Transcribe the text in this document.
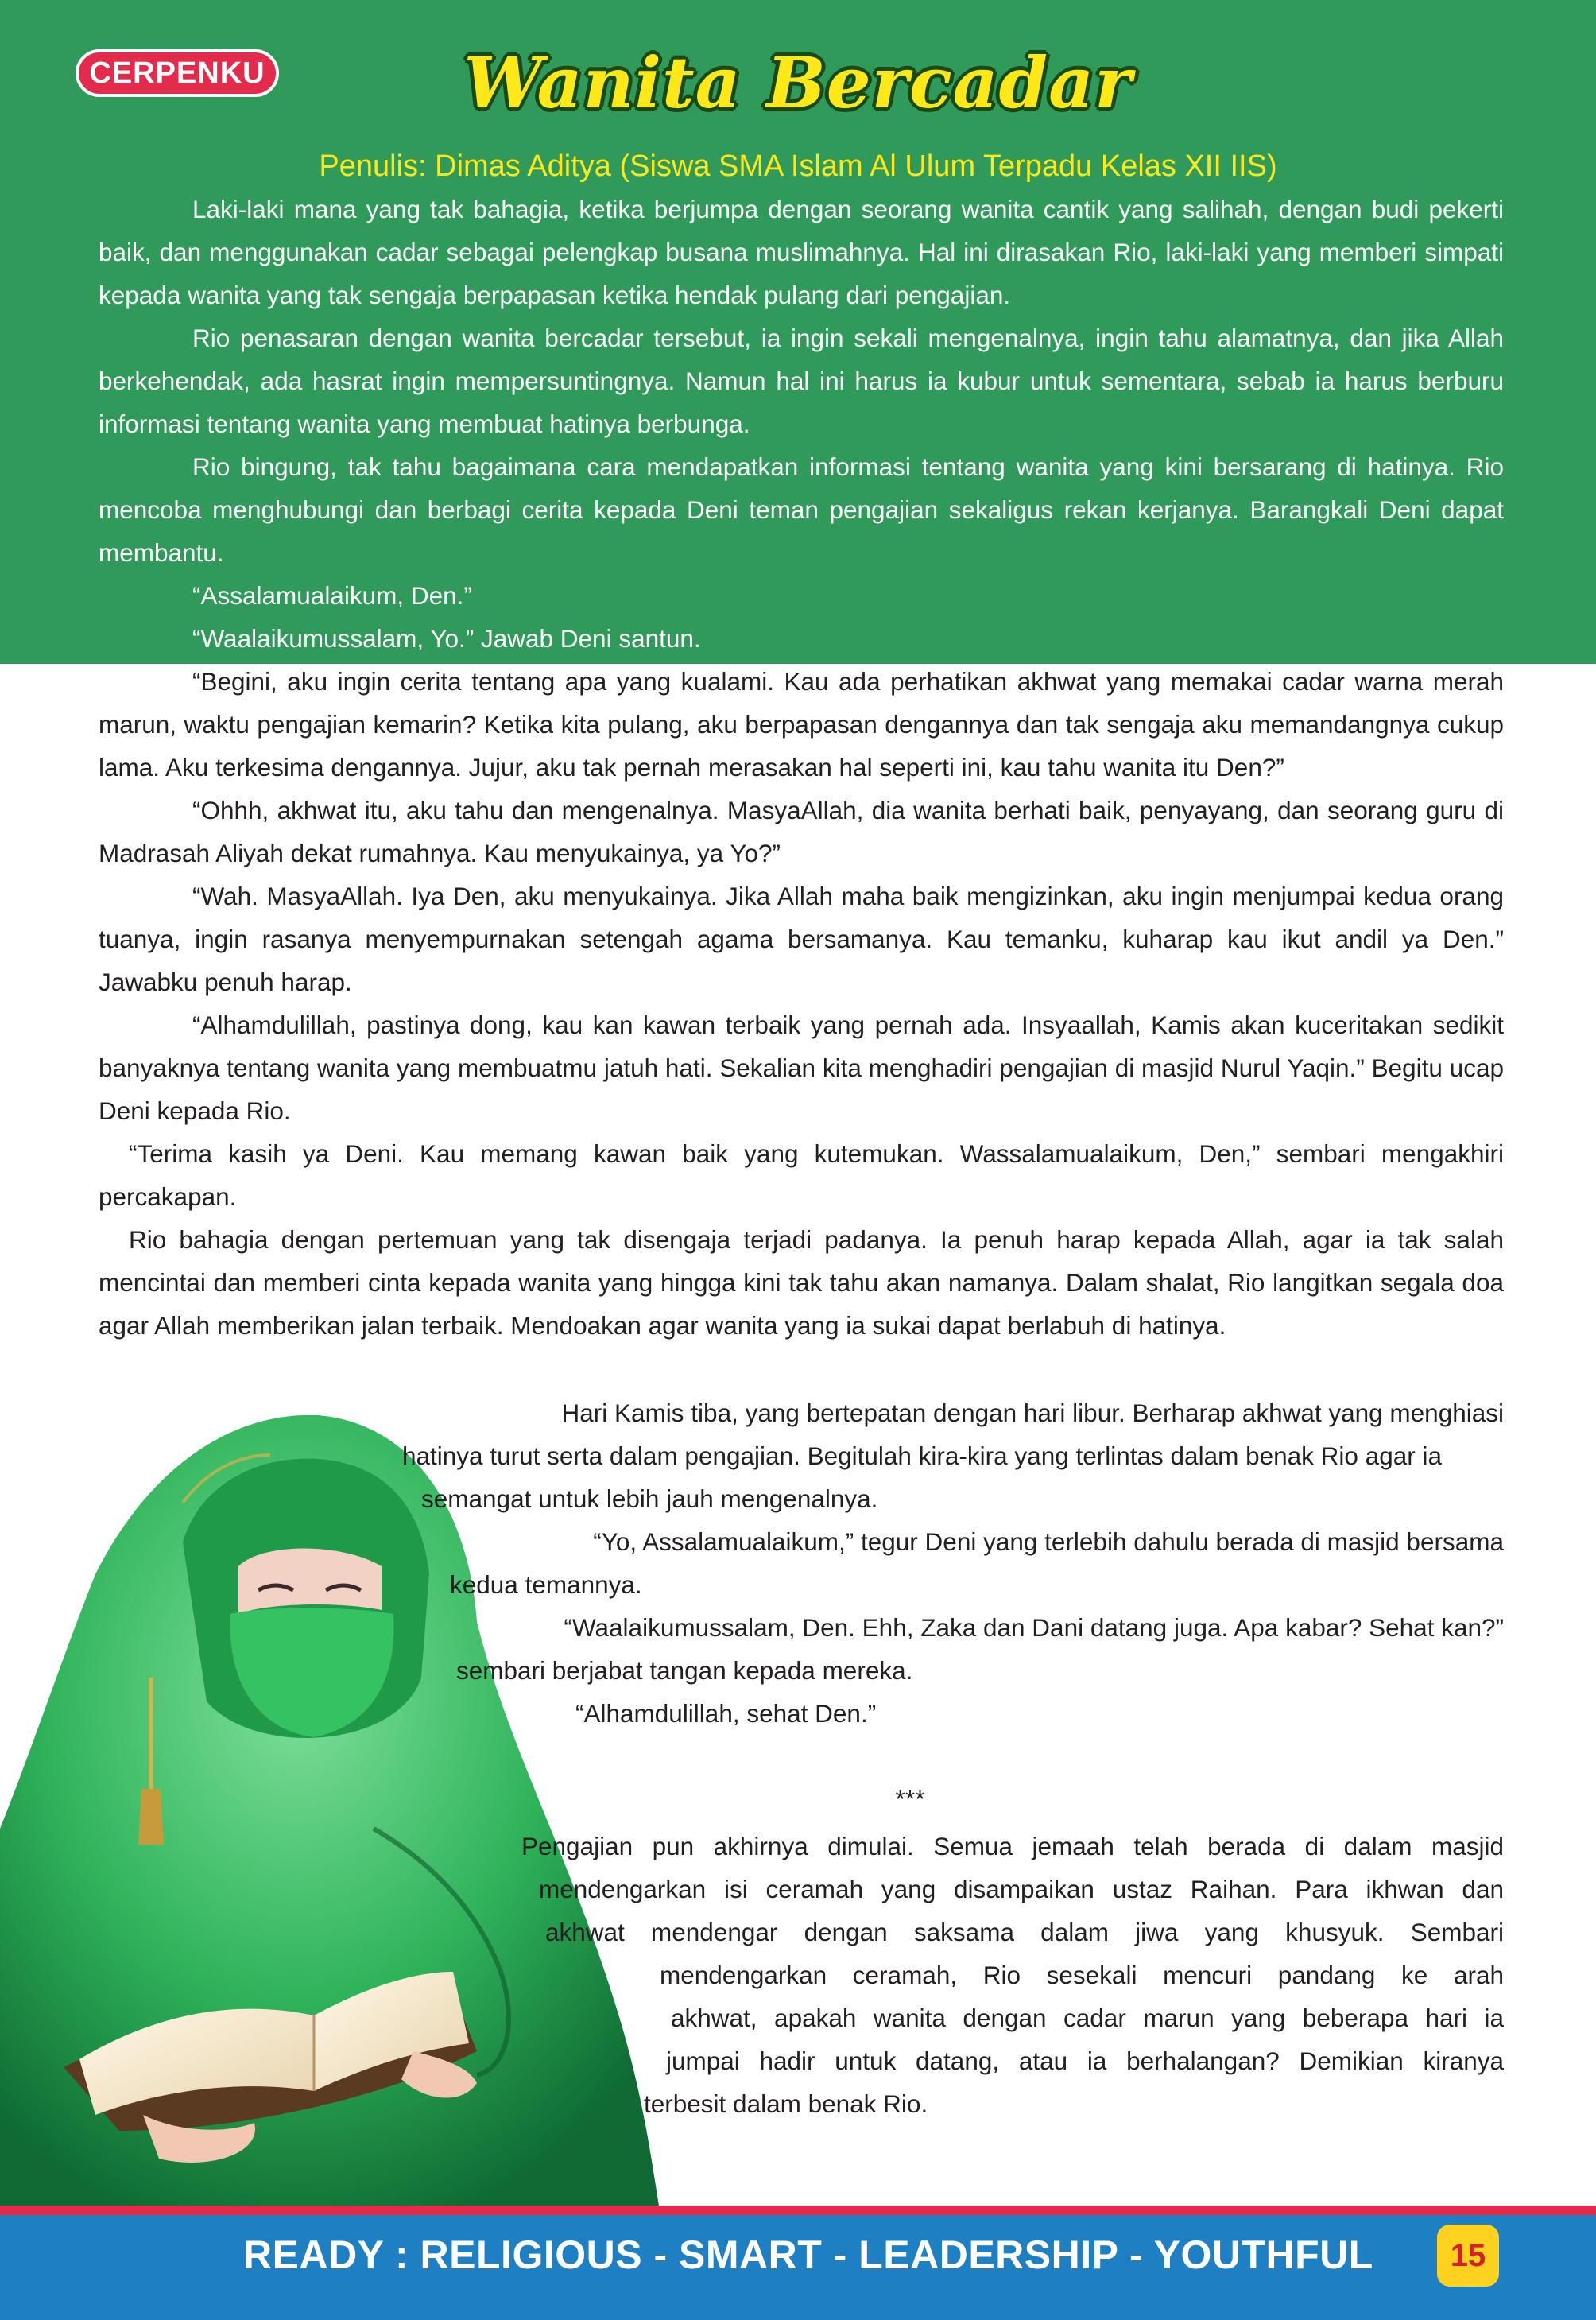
CERPENKU	Wanita Bercadar
Penulis: Dimas Aditya (Siswa SMA Islam Al Ulum Terpadu Kelas XII IIS)

Laki-laki mana yang tak bahagia, ketika berjumpa dengan seorang wanita cantik yang salihah, dengan budi pekerti baik, dan menggunakan cadar sebagai pelengkap busana muslimahnya. Hal ini dirasakan Rio, laki-laki yang memberi simpati kepada wanita yang tak sengaja berpapasan ketika hendak pulang dari pengajian.

Rio penasaran dengan wanita bercadar tersebut, ia ingin sekali mengenalnya, ingin tahu alamatnya, dan jika Allah berkehendak, ada hasrat ingin mempersuntingnya. Namun hal ini harus ia kubur untuk sementara, sebab ia harus berburu informasi tentang wanita yang membuat hatinya berbunga.

Rio bingung, tak tahu bagaimana cara mendapatkan informasi tentang wanita yang kini bersarang di hatinya. Rio mencoba menghubungi dan berbagi cerita kepada Deni teman pengajian sekaligus rekan kerjanya. Barangkali Deni dapat membantu.

“Assalamualaikum, Den.”

“Waalaikumussalam, Yo.” Jawab Deni santun.

“Begini, aku ingin cerita tentang apa yang kualami. Kau ada perhatikan akhwat yang memakai cadar warna merah marun, waktu pengajian kemarin? Ketika kita pulang, aku berpapasan dengannya dan tak sengaja aku memandangnya cukup lama. Aku terkesima dengannya. Jujur, aku tak pernah merasakan hal seperti ini, kau tahu wanita itu Den?”

“Ohhh, akhwat itu, aku tahu dan mengenalnya. MasyaAllah, dia wanita berhati baik, penyayang, dan seorang guru di Madrasah Aliyah dekat rumahnya. Kau menyukainya, ya Yo?”

“Wah. MasyaAllah. Iya Den, aku menyukainya. Jika Allah maha baik mengizinkan, aku ingin menjumpai kedua orang tuanya, ingin rasanya menyempurnakan setengah agama bersamanya. Kau temanku, kuharap kau ikut andil ya Den.” Jawabku penuh harap.

“Alhamdulillah, pastinya dong, kau kan kawan terbaik yang pernah ada. Insyaallah, Kamis akan kuceritakan sedikit banyaknya tentang wanita yang membuatmu jatuh hati. Sekalian kita menghadiri pengajian di masjid Nurul Yaqin.” Begitu ucap Deni kepada Rio.

“Terima kasih ya Deni. Kau memang kawan baik yang kutemukan. Wassalamualaikum, Den,” sembari mengakhiri percakapan.

Rio bahagia dengan pertemuan yang tak disengaja terjadi padanya. Ia penuh harap kepada Allah, agar ia tak salah mencintai dan memberi cinta kepada wanita yang hingga kini tak tahu akan namanya. Dalam shalat, Rio langitkan segala doa agar Allah memberikan jalan terbaik. Mendoakan agar wanita yang ia sukai dapat berlabuh di hatinya.

Hari Kamis tiba, yang bertepatan dengan hari libur. Berharap akhwat yang menghiasi
hatinya turut serta dalam pengajian. Begitulah kira-kira yang terlintas dalam benak Rio agar ia
semangat untuk lebih jauh mengenalnya.
“Yo, Assalamualaikum,” tegur Deni yang terlebih dahulu berada di masjid bersama
kedua temannya.
“Waalaikumussalam, Den. Ehh, Zaka dan Dani datang juga. Apa kabar? Sehat kan?”
sembari berjabat tangan kepada mereka.
“Alhamdulillah, sehat Den.”
***
Pengajian pun akhirnya dimulai. Semua jemaah telah berada di dalam masjid
mendengarkan isi ceramah yang disampaikan ustaz Raihan. Para ikhwan dan
akhwat mendengar dengan saksama dalam jiwa yang khusyuk. Sembari
mendengarkan ceramah, Rio sesekali mencuri pandang ke arah
akhwat, apakah wanita dengan cadar marun yang beberapa hari ia
jumpai hadir untuk datang, atau ia berhalangan? Demikian kiranya
terbesit dalam benak Rio.
READY : RELIGIOUS - SMART - LEADERSHIP - YOUTHFUL	15
